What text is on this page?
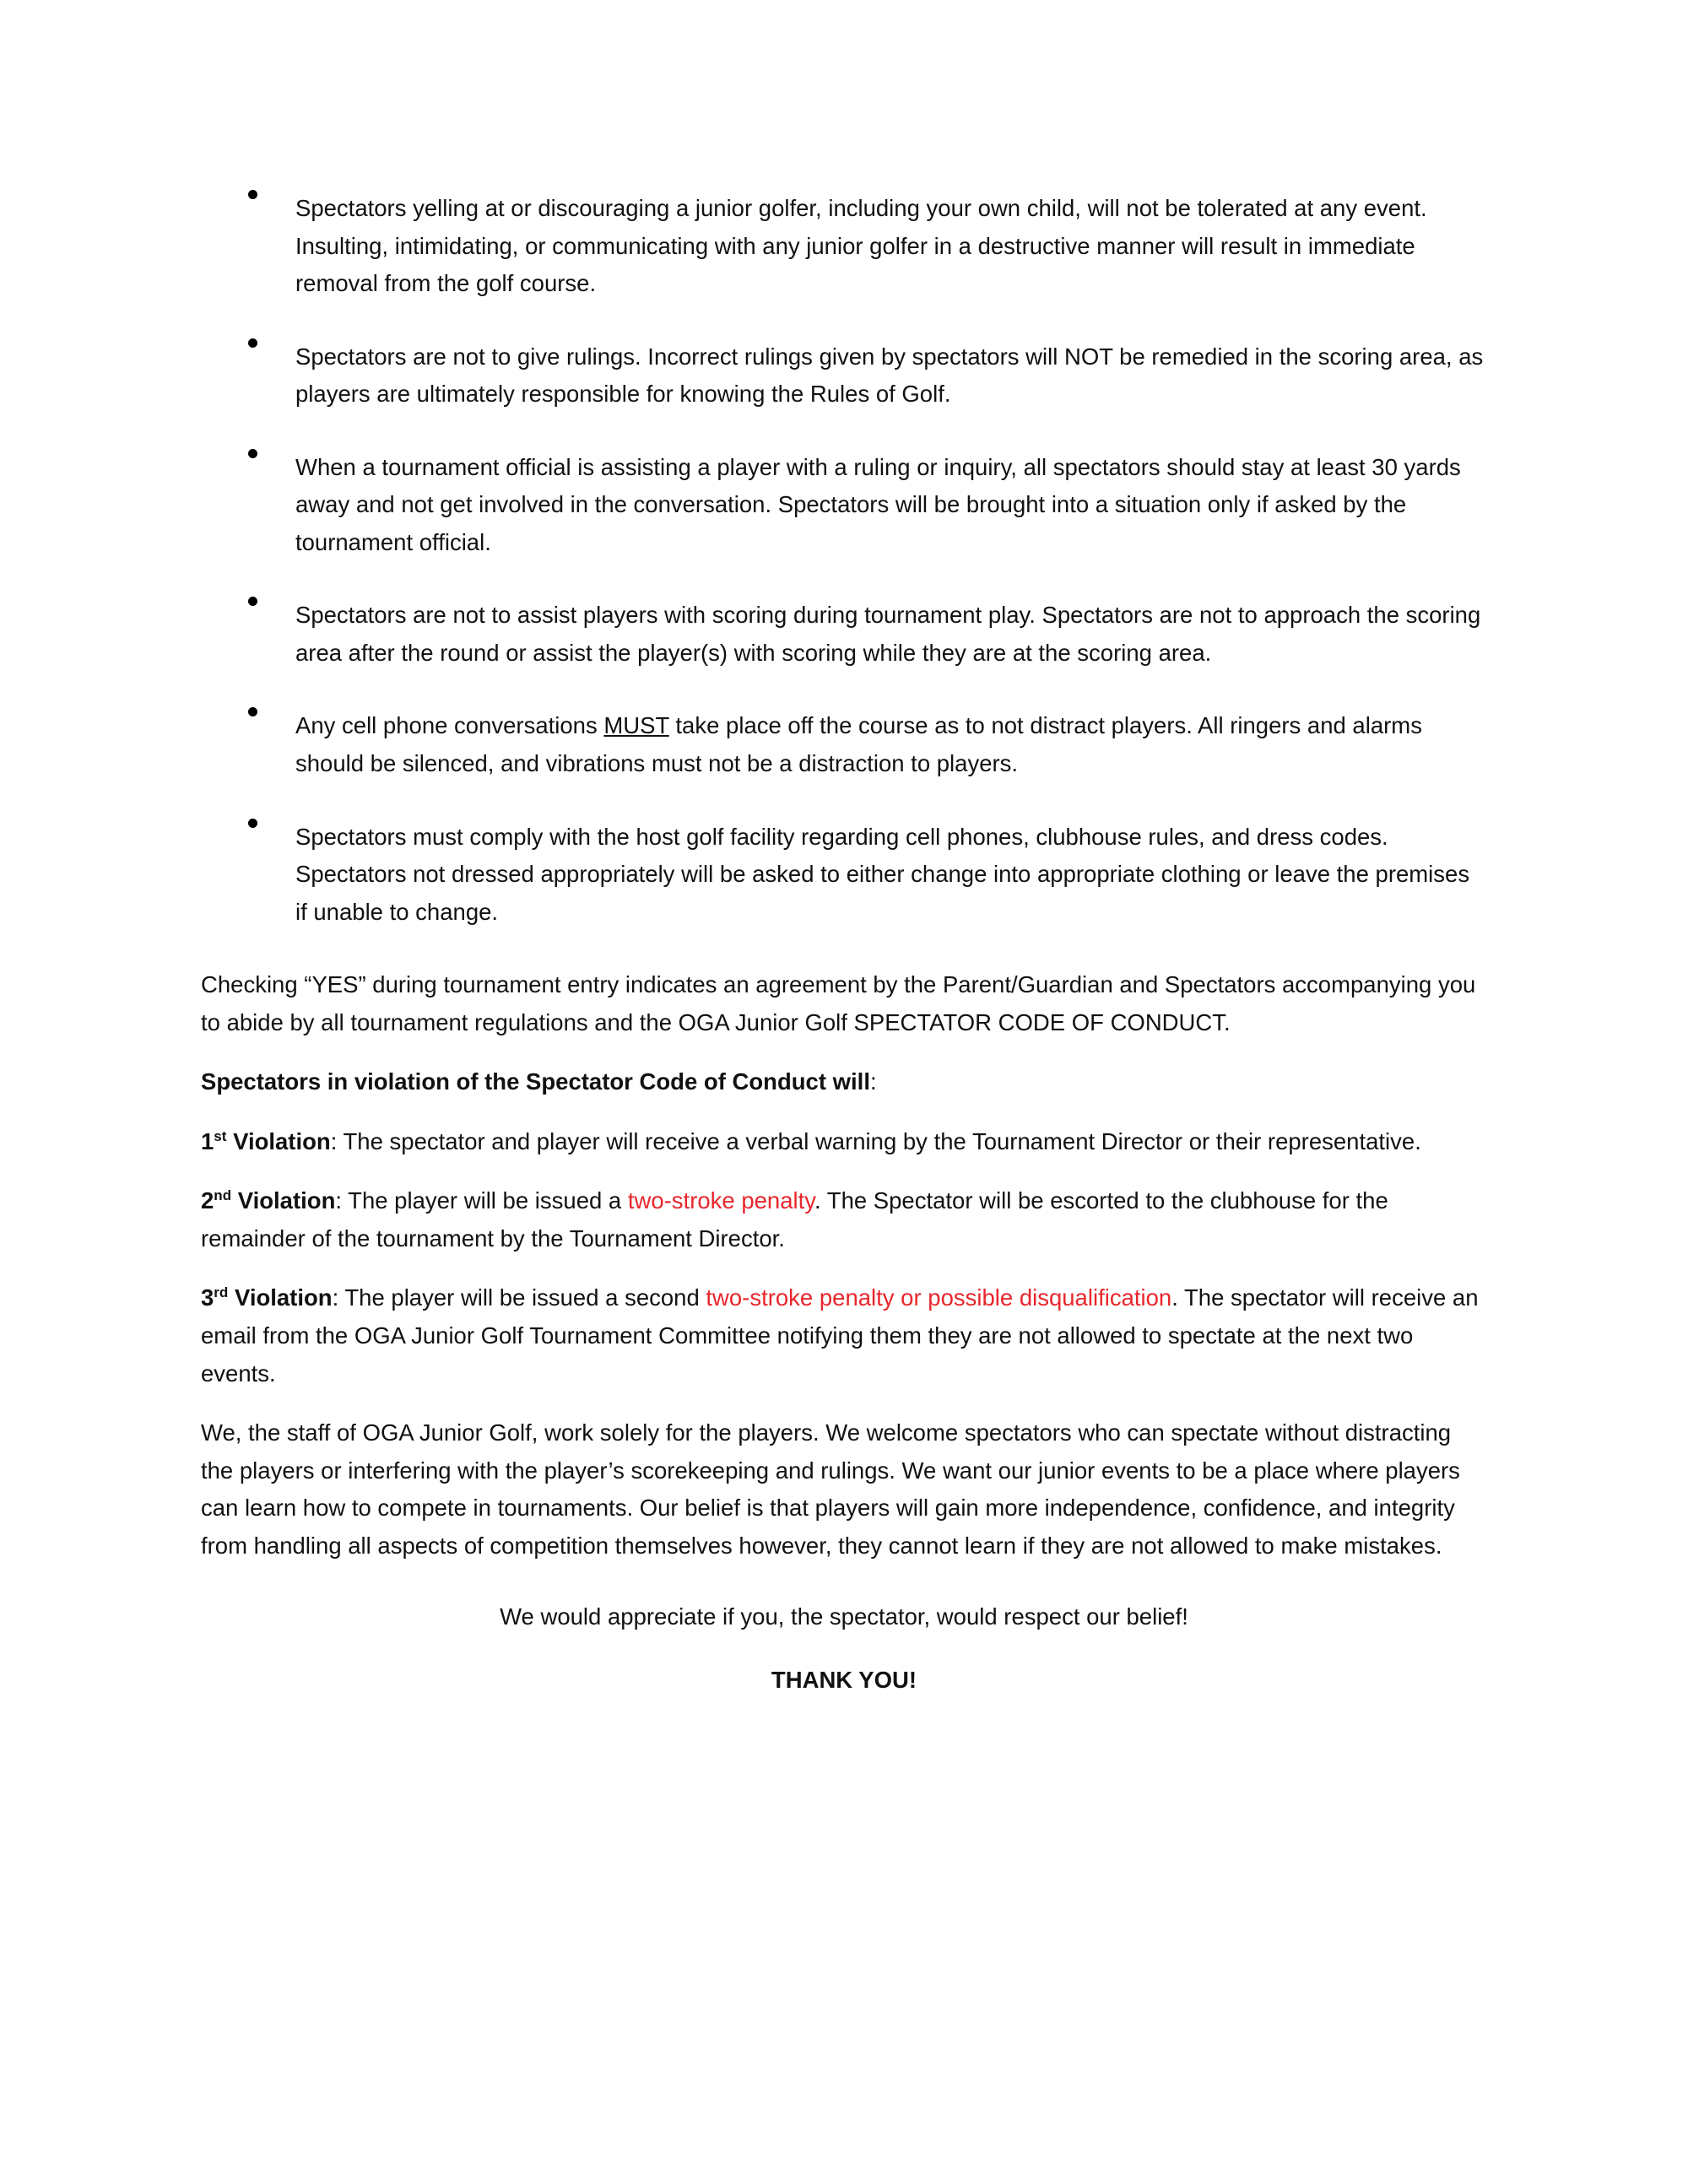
Spectators yelling at or discouraging a junior golfer, including your own child, will not be tolerated at any event. Insulting, intimidating, or communicating with any junior golfer in a destructive manner will result in immediate removal from the golf course.
Spectators are not to give rulings. Incorrect rulings given by spectators will NOT be remedied in the scoring area, as players are ultimately responsible for knowing the Rules of Golf.
When a tournament official is assisting a player with a ruling or inquiry, all spectators should stay at least 30 yards away and not get involved in the conversation. Spectators will be brought into a situation only if asked by the tournament official.
Spectators are not to assist players with scoring during tournament play. Spectators are not to approach the scoring area after the round or assist the player(s) with scoring while they are at the scoring area.
Any cell phone conversations MUST take place off the course as to not distract players. All ringers and alarms should be silenced, and vibrations must not be a distraction to players.
Spectators must comply with the host golf facility regarding cell phones, clubhouse rules, and dress codes. Spectators not dressed appropriately will be asked to either change into appropriate clothing or leave the premises if unable to change.

Checking “YES” during tournament entry indicates an agreement by the Parent/Guardian and Spectators accompanying you to abide by all tournament regulations and the OGA Junior Golf SPECTATOR CODE OF CONDUCT.

Spectators in violation of the Spectator Code of Conduct will:

1st Violation: The spectator and player will receive a verbal warning by the Tournament Director or their representative.

2nd Violation: The player will be issued a two-stroke penalty. The Spectator will be escorted to the clubhouse for the remainder of the tournament by the Tournament Director.

3rd Violation: The player will be issued a second two-stroke penalty or possible disqualification. The spectator will receive an email from the OGA Junior Golf Tournament Committee notifying them they are not allowed to spectate at the next two events.

We, the staff of OGA Junior Golf, work solely for the players. We welcome spectators who can spectate without distracting the players or interfering with the player’s scorekeeping and rulings. We want our junior events to be a place where players can learn how to compete in tournaments. Our belief is that players will gain more independence, confidence, and integrity from handling all aspects of competition themselves however, they cannot learn if they are not allowed to make mistakes.

We would appreciate if you, the spectator, would respect our belief!

THANK YOU!
